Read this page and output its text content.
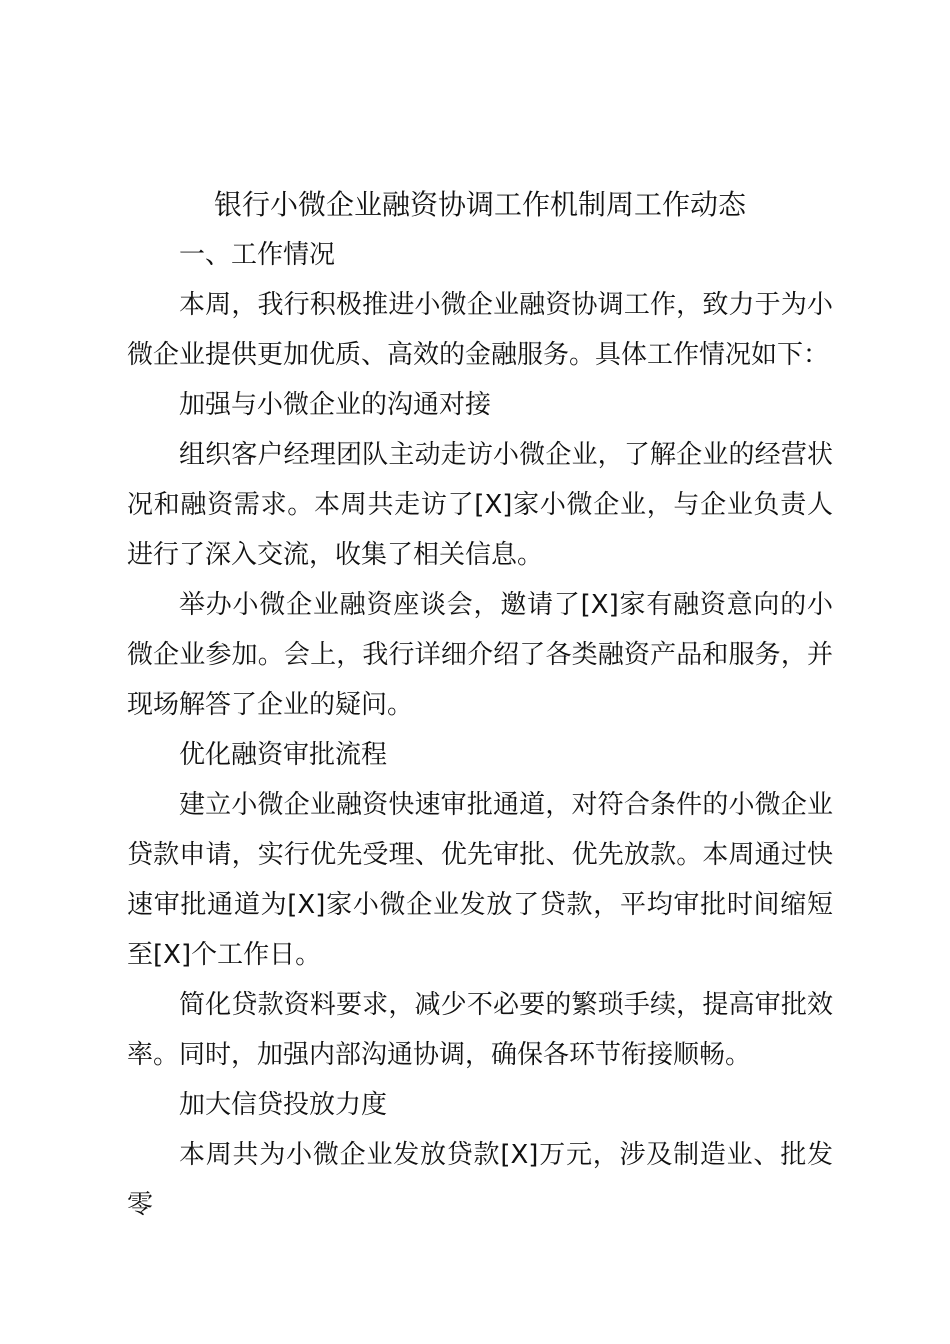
银行小微企业融资协调工作机制周工作动态

一、工作情况

本周，我行积极推进小微企业融资协调工作，致力于为小微企业提供更加优质、高效的金融服务。具体工作情况如下：

加强与小微企业的沟通对接

组织客户经理团队主动走访小微企业，了解企业的经营状况和融资需求。本周共走访了[X]家小微企业，与企业负责人进行了深入交流，收集了相关信息。

举办小微企业融资座谈会，邀请了[X]家有融资意向的小微企业参加。会上，我行详细介绍了各类融资产品和服务，并现场解答了企业的疑问。

优化融资审批流程

建立小微企业融资快速审批通道，对符合条件的小微企业贷款申请，实行优先受理、优先审批、优先放款。本周通过快速审批通道为[X]家小微企业发放了贷款，平均审批时间缩短至[X]个工作日。

简化贷款资料要求，减少不必要的繁琐手续，提高审批效率。同时，加强内部沟通协调，确保各环节衔接顺畅。

加大信贷投放力度

本周共为小微企业发放贷款[X]万元，涉及制造业、批发零
